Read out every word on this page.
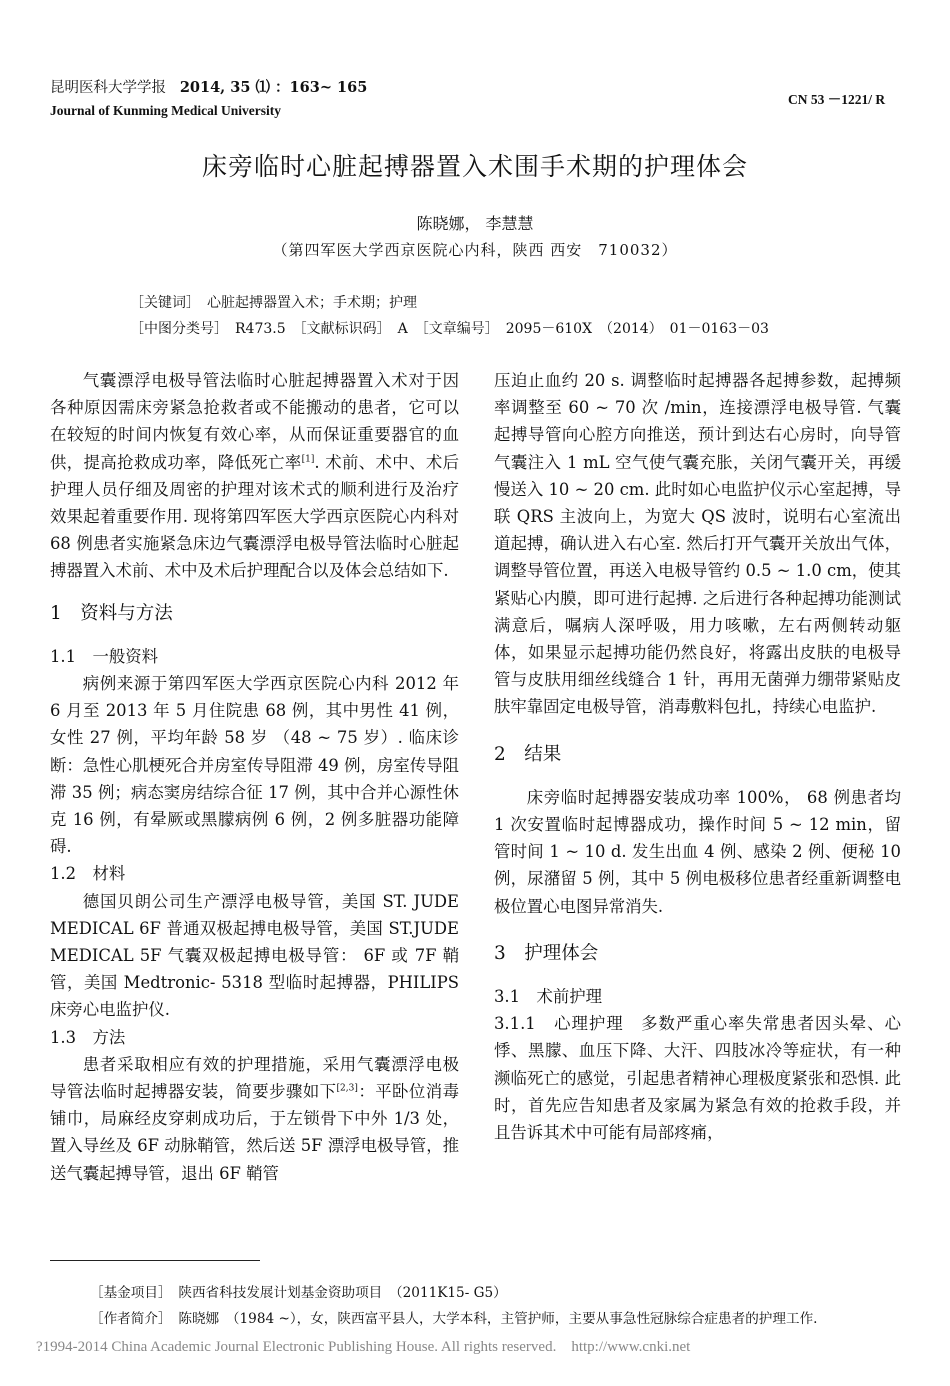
昆明医科大学学报 2014, 35 ⑴ ：163~ 165
Journal of Kunming Medical University
CN 53 －1221/ R
床旁临时心脏起搏器置入术围手术期的护理体会
陈晓娜， 李慧慧
（第四军医大学西京医院心内科，陕西 西安　710032）
［关键词］　心脏起搏器置入术；手术期；护理
［中图分类号］　R473.5　［文献标识码］　A　［文章编号］　2095－610X　（2014）　01－0163－03

气囊漂浮电极导管法临时心脏起搏器置入术对于因各种原因需床旁紧急抢救者或不能搬动的患者，它可以在较短的时间内恢复有效心率，从而保证重要器官的血供，提高抢救成功率，降低死亡率[1]. 术前、术中、术后护理人员仔细及周密的护理对该术式的顺利进行及治疗效果起着重要作用. 现将第四军医大学西京医院心内科对 68 例患者实施紧急床边气囊漂浮电极导管法临时心脏起搏器置入术前、术中及术后护理配合以及体会总结如下.

1　资料与方法

1.1　一般资料

病例来源于第四军医大学西京医院心内科 2012 年 6 月至 2013 年 5 月住院患 68 例，其中男性 41 例，女性 27 例，平均年龄 58 岁 （48 ~ 75 岁）. 临床诊断：急性心肌梗死合并房室传导阻滞 49 例，房室传导阻滞 35 例；病态窦房结综合征 17 例，其中合并心源性休克 16 例，有晕厥或黑朦病例 6 例，2 例多脏器功能障碍.

1.2　材料

德国贝朗公司生产漂浮电极导管，美国 ST. JUDE MEDICAL 6F 普通双极起搏电极导管，美国 ST.JUDE MEDICAL 5F 气囊双极起搏电极导管： 6F 或 7F 鞘管，美国 Medtronic- 5318 型临时起搏器，PHILIPS 床旁心电监护仪.

1.3　方法

患者采取相应有效的护理措施，采用气囊漂浮电极导管法临时起搏器安装，简要步骤如下[2,3]：平卧位消毒铺巾，局麻经皮穿刺成功后，于左锁骨下中外 1/3 处，置入导丝及 6F 动脉鞘管，然后送 5F 漂浮电极导管，推送气囊起搏导管，退出 6F 鞘管

压迫止血约 20 s. 调整临时起搏器各起搏参数，起搏频率调整至 60 ~ 70 次 /min，连接漂浮电极导管. 气囊起搏导管向心腔方向推送，预计到达右心房时，向导管气囊注入 1 mL 空气使气囊充胀，关闭气囊开关，再缓慢送入 10 ~ 20 cm. 此时如心电监护仪示心室起搏，导联 QRS 主波向上，为宽大 QS 波时，说明右心室流出道起搏，确认进入右心室. 然后打开气囊开关放出气体，调整导管位置，再送入电极导管约 0.5 ~ 1.0 cm，使其紧贴心内膜，即可进行起搏. 之后进行各种起搏功能测试满意后，嘱病人深呼吸，用力咳嗽，左右两侧转动躯体，如果显示起搏功能仍然良好，将露出皮肤的电极导管与皮肤用细丝线缝合 1 针，再用无菌弹力绷带紧贴皮肤牢靠固定电极导管，消毒敷料包扎，持续心电监护.

2　结果

床旁临时起搏器安装成功率 100%， 68 例患者均 1 次安置临时起博器成功，操作时间 5 ~ 12 min，留管时间 1 ~ 10 d. 发生出血 4 例、感染 2 例、便秘 10 例，尿潴留 5 例，其中 5 例电极移位患者经重新调整电极位置心电图异常消失.

3　护理体会

3.1　术前护理

3.1.1　心理护理　多数严重心率失常患者因头晕、心悸、黑朦、血压下降、大汗、四肢冰冷等症状，有一种濒临死亡的感觉，引起患者精神心理极度紧张和恐惧. 此时，首先应告知患者及家属为紧急有效的抢救手段，并且告诉其术中可能有局部疼痛，

［基金项目］　陕西省科技发展计划基金资助项目　（2011K15- G5）
［作者简介］　陈晓娜　（1984 ~），女，陕西富平县人，大学本科，主管护师，主要从事急性冠脉综合症患者的护理工作.
?1994-2014 China Academic Journal Electronic Publishing House. All rights reserved.　http://www.cnki.net
